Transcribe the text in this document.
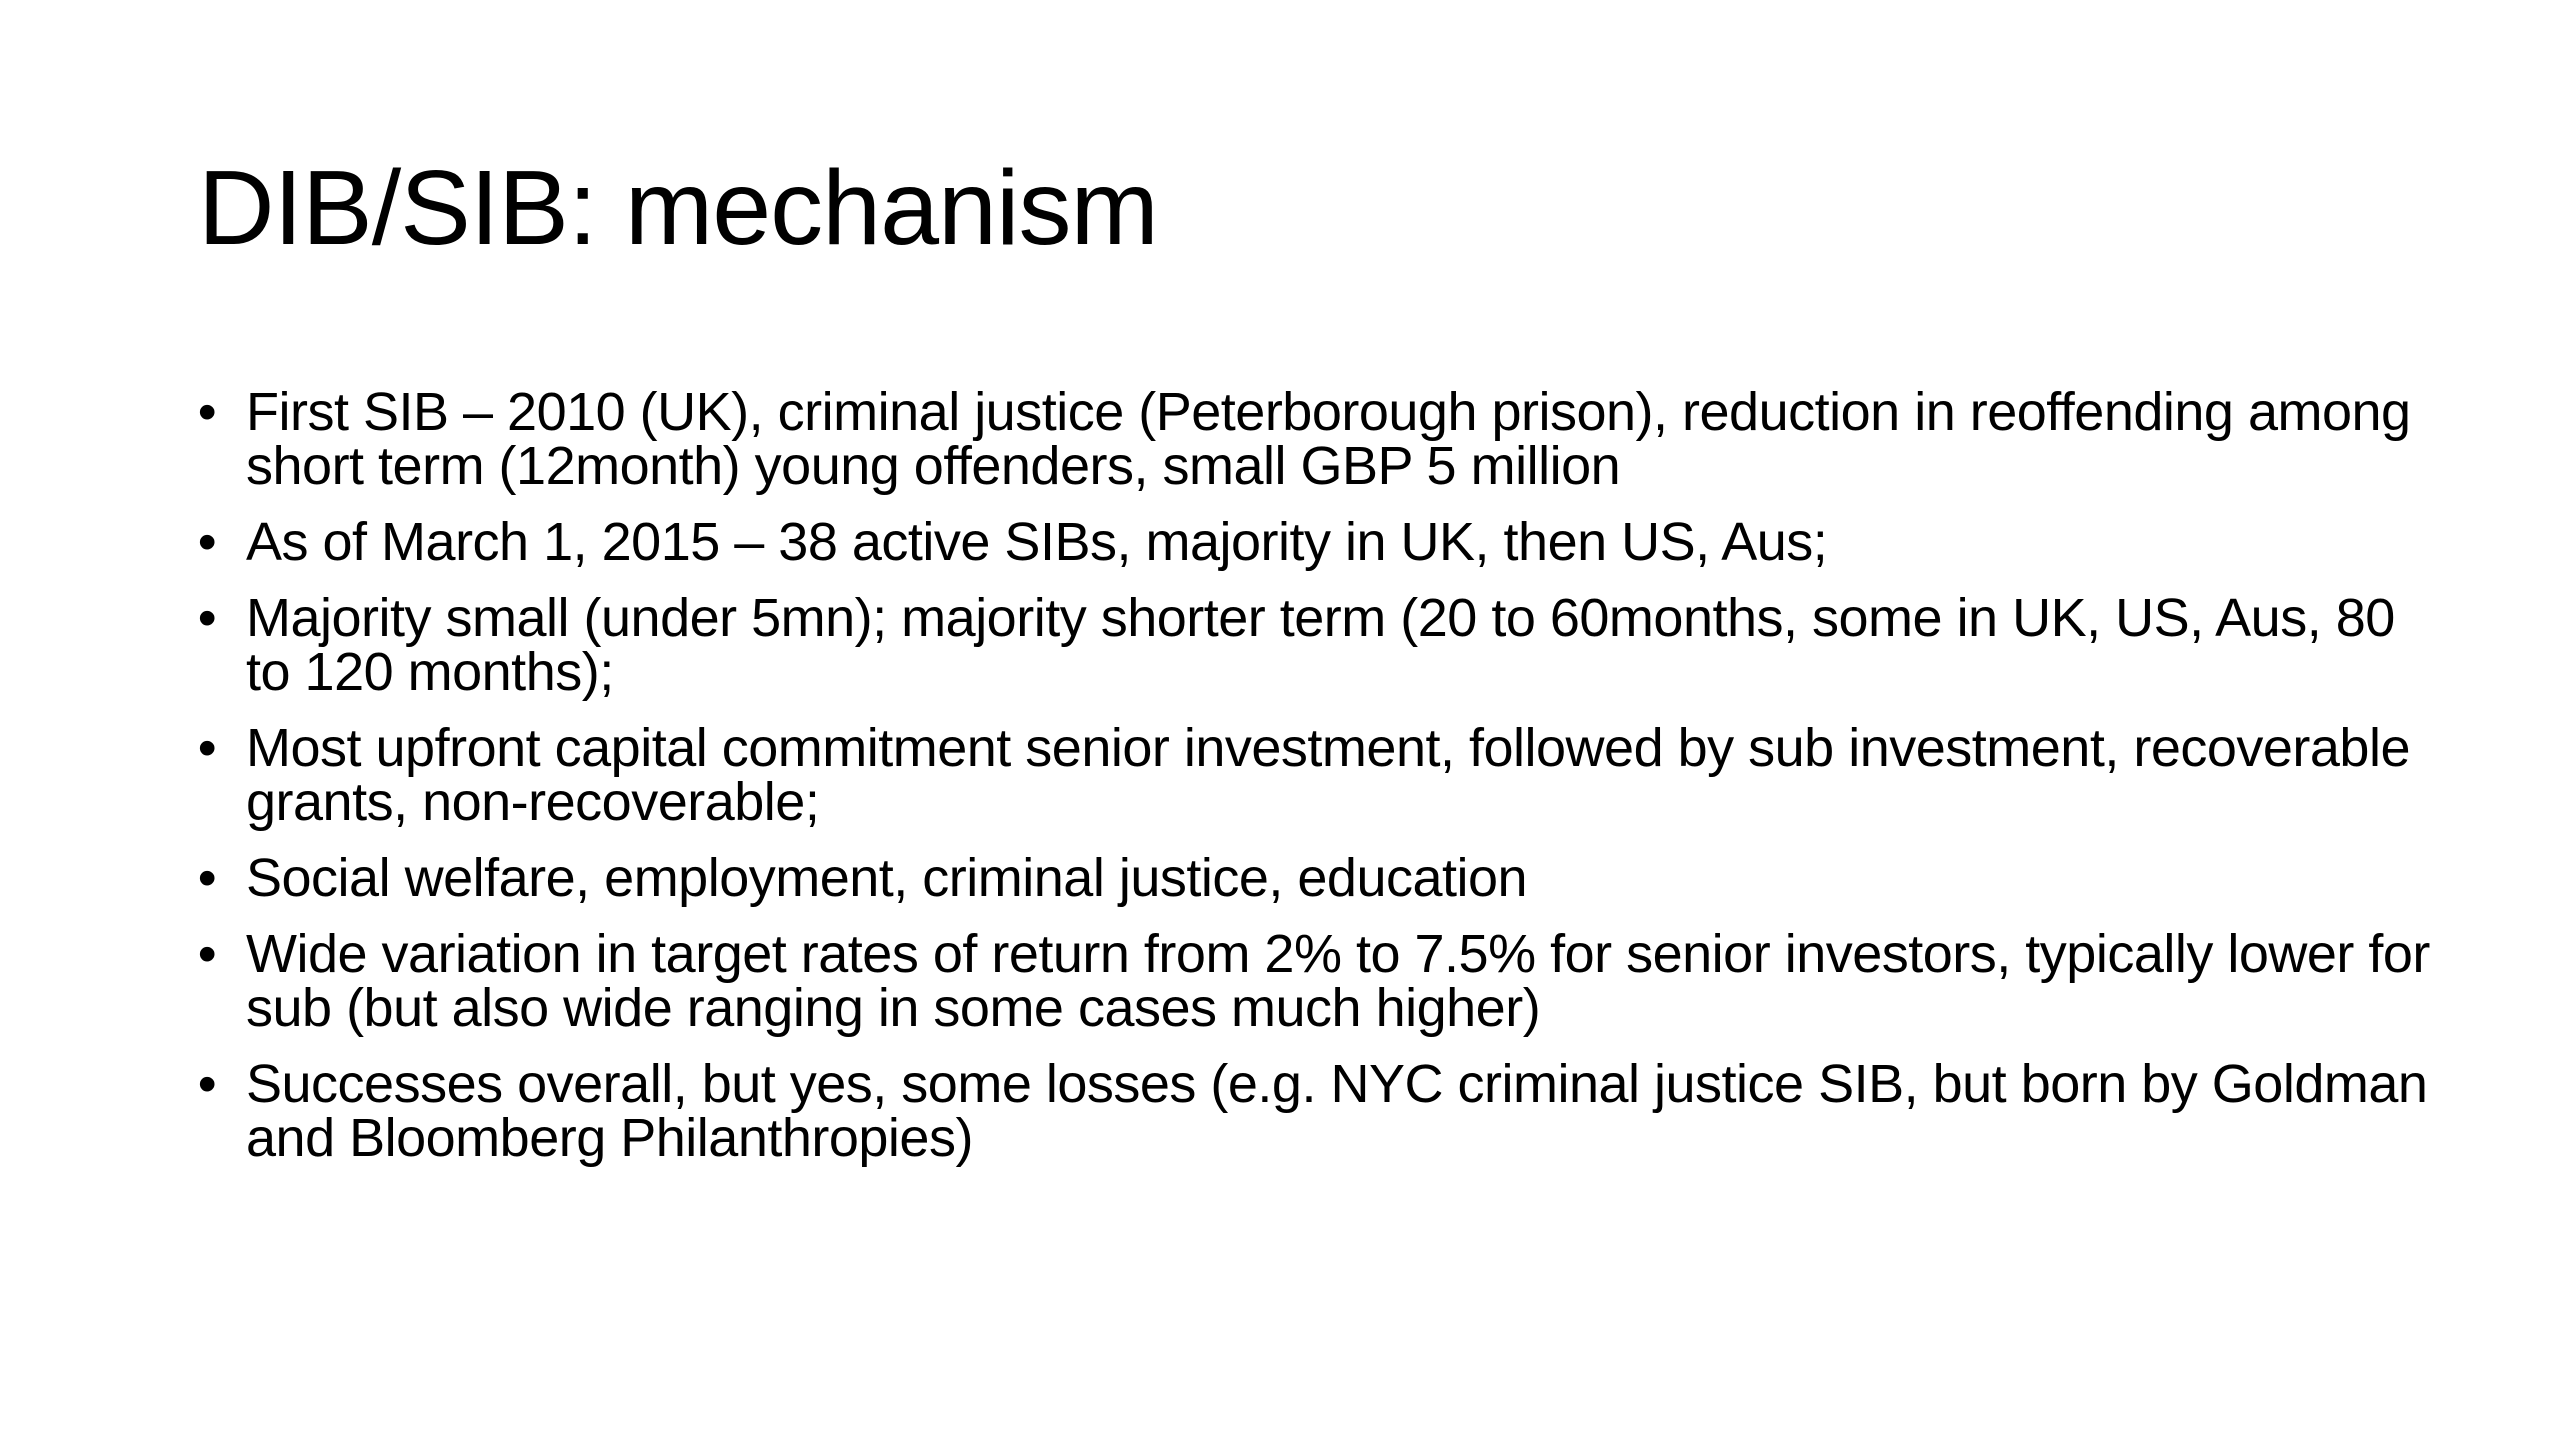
DIB/SIB: mechanism
• First SIB – 2010 (UK), criminal justice (Peterborough prison), reduction in reoffending among short term (12month) young offenders, small GBP 5 million
• As of March 1, 2015 – 38 active SIBs, majority in UK, then US, Aus;
• Majority small (under 5mn); majority shorter term (20 to 60months, some in UK, US, Aus, 80 to 120 months);
• Most upfront capital commitment senior investment, followed by sub investment, recoverable grants, non-recoverable;
• Social welfare, employment, criminal justice, education
• Wide variation in target rates of return from 2% to 7.5% for senior investors, typically lower for sub (but also wide ranging in some cases much higher)
• Successes overall, but yes, some losses (e.g. NYC criminal justice SIB, but born by Goldman and Bloomberg Philanthropies)
